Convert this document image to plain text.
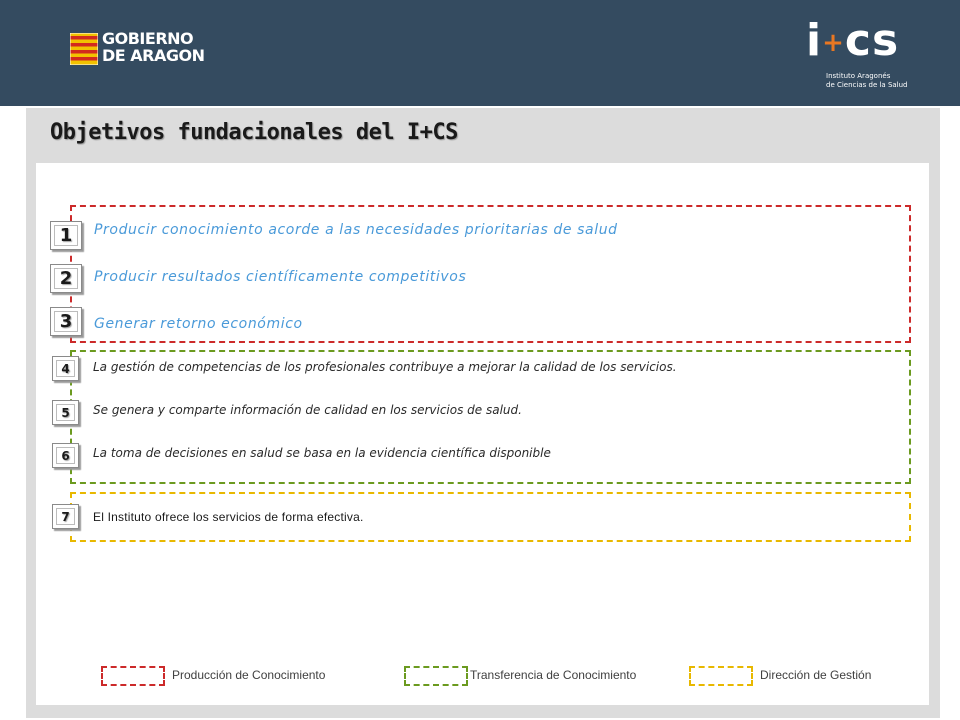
GOBIERNO
DE ARAGON	i+cs
Instituto Aragonés
de Ciencias de la Salud
Objetivos fundacionales del I+CS
1 Producir conocimiento acorde a las necesidades prioritarias de salud
2 Producir resultados científicamente competitivos
3 Generar retorno económico
4 La gestión de competencias de los profesionales contribuye a mejorar la calidad de los servicios.
5 Se genera y comparte información de calidad en los servicios de salud.
6 La toma de decisiones en salud se basa en la evidencia científica disponible
7 El Instituto ofrece los servicios de forma efectiva.
Producción de Conocimiento	Transferencia de Conocimiento	Dirección de Gestión
